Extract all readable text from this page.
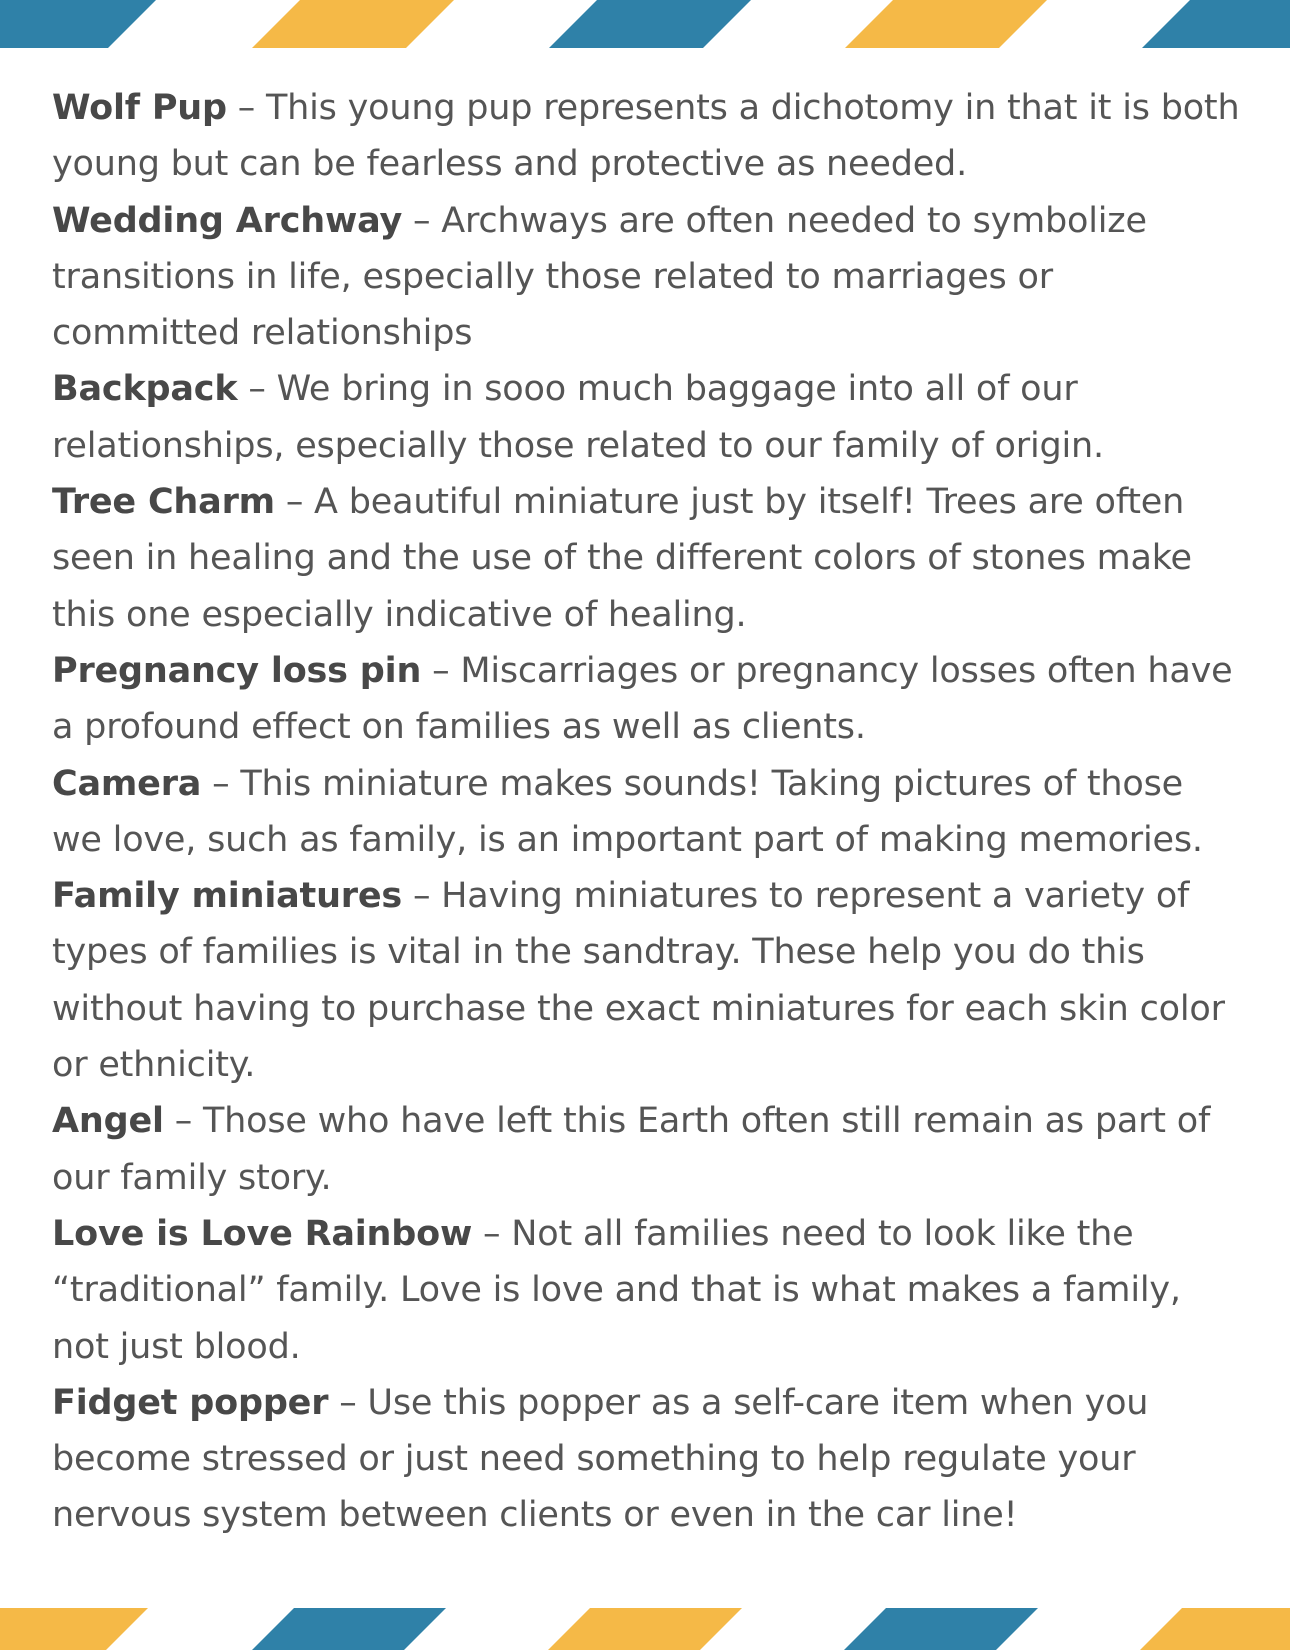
Wolf Pup – This young pup represents a dichotomy in that it is both young but can be fearless and protective as needed.

Wedding Archway – Archways are often needed to symbolize transitions in life, especially those related to marriages or committed relationships

Backpack – We bring in sooo much baggage into all of our relationships, especially those related to our family of origin.

Tree Charm – A beautiful miniature just by itself! Trees are often seen in healing and the use of the different colors of stones make this one especially indicative of healing.

Pregnancy loss pin – Miscarriages or pregnancy losses often have a profound effect on families as well as clients.

Camera – This miniature makes sounds! Taking pictures of those we love, such as family, is an important part of making memories.

Family miniatures – Having miniatures to represent a variety of types of families is vital in the sandtray. These help you do this without having to purchase the exact miniatures for each skin color or ethnicity.

Angel – Those who have left this Earth often still remain as part of our family story.

Love is Love Rainbow – Not all families need to look like the “traditional” family. Love is love and that is what makes a family, not just blood.

Fidget popper – Use this popper as a self-care item when you become stressed or just need something to help regulate your nervous system between clients or even in the car line!
